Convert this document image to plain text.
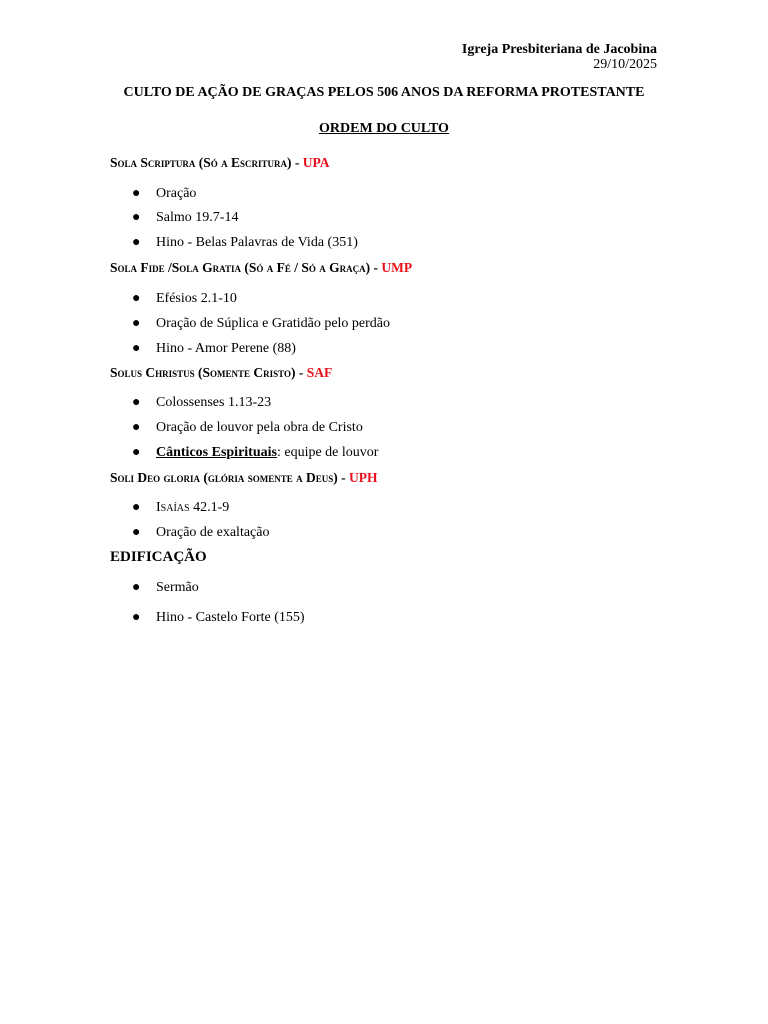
Igreja Presbiteriana de Jacobina
29/10/2025
CULTO DE AÇÃO DE GRAÇAS PELOS 506 ANOS DA REFORMA PROTESTANTE
ORDEM DO CULTO
Sola Scriptura (Só a Escritura) - UPA
● Oração
● Salmo 19.7-14
● Hino - Belas Palavras de Vida (351)
Sola Fide /Sola Gratia (Só a Fé / Só a Graça) - UMP
● Efésios 2.1-10
● Oração de Súplica e Gratidão pelo perdão
● Hino - Amor Perene (88)
Solus Christus (Somente Cristo) - SAF
● Colossenses 1.13-23
● Oração de louvor pela obra de Cristo
● Cânticos Espirituais: equipe de louvor
Soli Deo gloria (glória somente a Deus) - UPH
● Isaías 42.1-9
● Oração de exaltação
EDIFICAÇÃO
● Sermão
● Hino - Castelo Forte (155)
